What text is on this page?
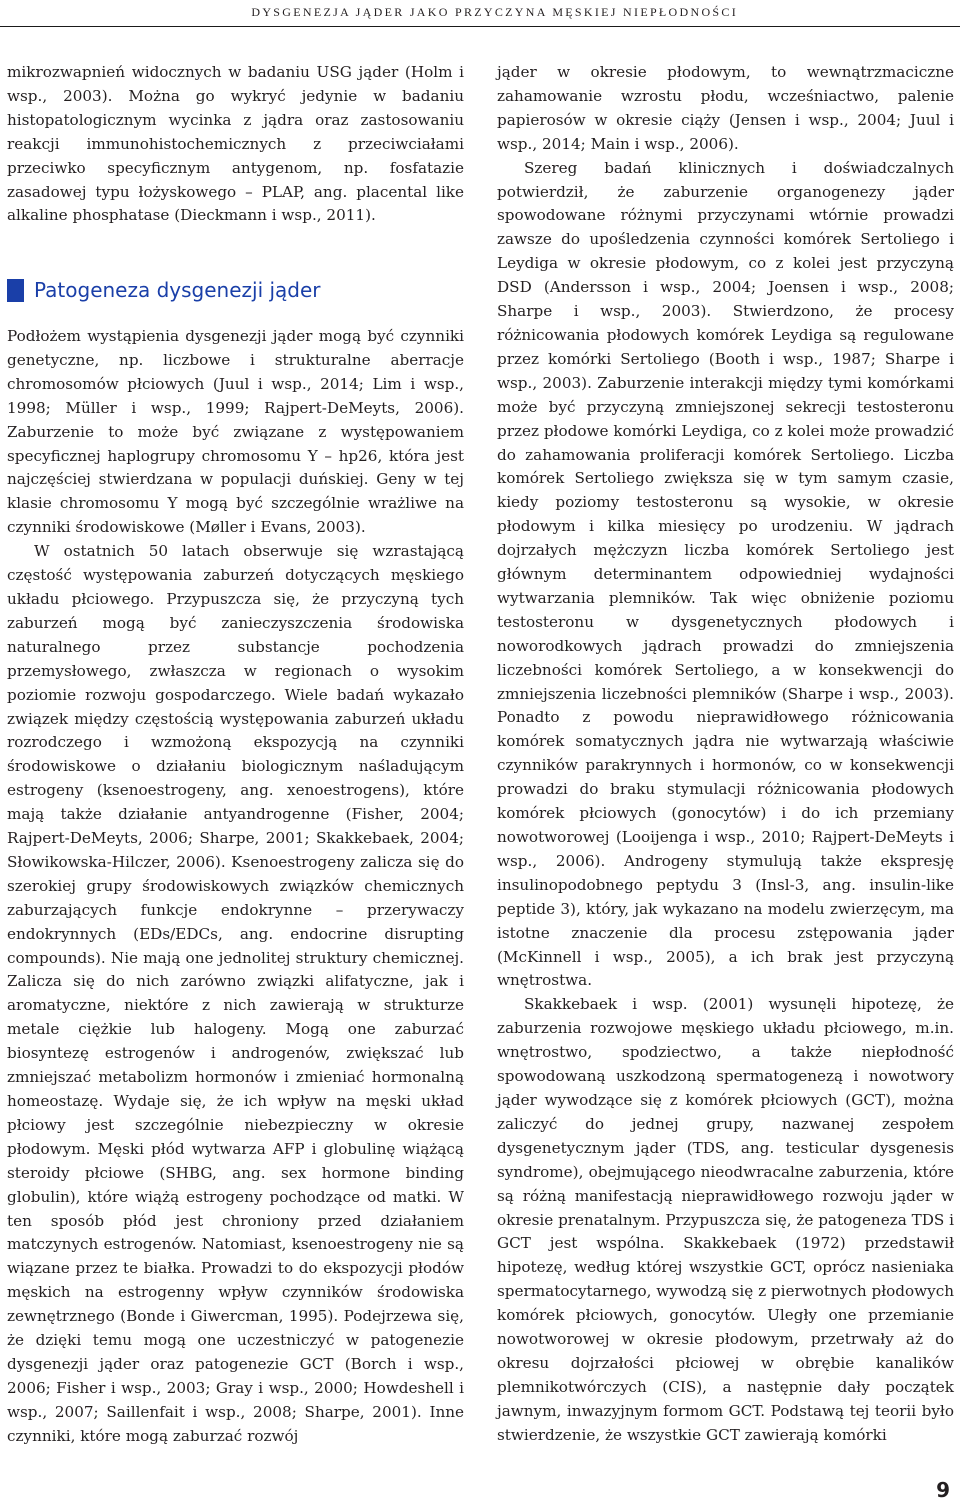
DYSGENEZJA JĄDER JAKO PRZYCZYNA MĘSKIEJ NIEPŁODNOŚCI

mikrozwapnień widocznych w badaniu USG jąder (Holm i wsp., 2003). Można go wykryć jedynie w badaniu histopatologicznym wycinka z jądra oraz zastosowaniu reakcji immunohistochemicznych z przeciwciałami przeciwko specyficznym antygenom, np. fosfatazie zasadowej typu łożyskowego – PLAP, ang. placental like alkaline phosphatase (Dieckmann i wsp., 2011).

Patogeneza dysgenezji jąder

Podłożem wystąpienia dysgenezji jąder mogą być czynniki genetyczne, np. liczbowe i strukturalne aberracje chromosomów płciowych (Juul i wsp., 2014; Lim i wsp., 1998; Müller i wsp., 1999; Rajpert-DeMeyts, 2006). Zaburzenie to może być związane z występowaniem specyficznej haplogrupy chromosomu Y – hp26, która jest najczęściej stwierdzana w populacji duńskiej. Geny w tej klasie chromosomu Y mogą być szczególnie wrażliwe na czynniki środowiskowe (Møller i Evans, 2003).

W ostatnich 50 latach obserwuje się wzrastającą częstość występowania zaburzeń dotyczących męskiego układu płciowego. Przypuszcza się, że przyczyną tych zaburzeń mogą być zanieczyszczenia środowiska naturalnego przez substancje pochodzenia przemysłowego, zwłaszcza w regionach o wysokim poziomie rozwoju gospodarczego. Wiele badań wykazało związek między częstością występowania zaburzeń układu rozrodczego i wzmożoną ekspozycją na czynniki środowiskowe o działaniu biologicznym naśladującym estrogeny (ksenoestrogeny, ang. xenoestrogens), które mają także działanie antyandrogenne (Fisher, 2004; Rajpert-DeMeyts, 2006; Sharpe, 2001; Skakkebaek, 2004; Słowikowska-Hilczer, 2006). Ksenoestrogeny zalicza się do szerokiej grupy środowiskowych związków chemicznych zaburzających funkcje endokrynne – przerywaczy endokrynnych (EDs/EDCs, ang. endocrine disrupting compounds). Nie mają one jednolitej struktury chemicznej. Zalicza się do nich zarówno związki alifatyczne, jak i aromatyczne, niektóre z nich zawierają w strukturze metale ciężkie lub halogeny. Mogą one zaburzać biosyntezę estrogenów i androgenów, zwiększać lub zmniejszać metabolizm hormonów i zmieniać hormonalną homeostazę. Wydaje się, że ich wpływ na męski układ płciowy jest szczególnie niebezpieczny w okresie płodowym. Męski płód wytwarza AFP i globulinę wiążącą steroidy płciowe (SHBG, ang. sex hormone binding globulin), które wiążą estrogeny pochodzące od matki. W ten sposób płód jest chroniony przed działaniem matczynych estrogenów. Natomiast, ksenoestrogeny nie są wiązane przez te białka. Prowadzi to do ekspozycji płodów męskich na estrogenny wpływ czynników środowiska zewnętrznego (Bonde i Giwercman, 1995). Podejrzewa się, że dzięki temu mogą one uczestniczyć w patogenezie dysgenezji jąder oraz patogenezie GCT (Borch i wsp., 2006; Fisher i wsp., 2003; Gray i wsp., 2000; Howdeshell i wsp., 2007; Saillenfait i wsp., 2008; Sharpe, 2001). Inne czynniki, które mogą zaburzać rozwój

jąder w okresie płodowym, to wewnątrzmaciczne zahamowanie wzrostu płodu, wcześniactwo, palenie papierosów w okresie ciąży (Jensen i wsp., 2004; Juul i wsp., 2014; Main i wsp., 2006).

Szereg badań klinicznych i doświadczalnych potwierdził, że zaburzenie organogenezy jąder spowodowane różnymi przyczynami wtórnie prowadzi zawsze do upośledzenia czynności komórek Sertoliego i Leydiga w okresie płodowym, co z kolei jest przyczyną DSD (Andersson i wsp., 2004; Joensen i wsp., 2008; Sharpe i wsp., 2003). Stwierdzono, że procesy różnicowania płodowych komórek Leydiga są regulowane przez komórki Sertoliego (Booth i wsp., 1987; Sharpe i wsp., 2003). Zaburzenie interakcji między tymi komórkami może być przyczyną zmniejszonej sekrecji testosteronu przez płodowe komórki Leydiga, co z kolei może prowadzić do zahamowania proliferacji komórek Sertoliego. Liczba komórek Sertoliego zwiększa się w tym samym czasie, kiedy poziomy testosteronu są wysokie, w okresie płodowym i kilka miesięcy po urodzeniu. W jądrach dojrzałych mężczyzn liczba komórek Sertoliego jest głównym determinantem odpowiedniej wydajności wytwarzania plemników. Tak więc obniżenie poziomu testosteronu w dysgenetycznych płodowych i noworodkowych jądrach prowadzi do zmniejszenia liczebności komórek Sertoliego, a w konsekwencji do zmniejszenia liczebności plemników (Sharpe i wsp., 2003). Ponadto z powodu nieprawidłowego różnicowania komórek somatycznych jądra nie wytwarzają właściwie czynników parakrynnych i hormonów, co w konsekwencji prowadzi do braku stymulacji różnicowania płodowych komórek płciowych (gonocytów) i do ich przemiany nowotworowej (Looijenga i wsp., 2010; Rajpert-DeMeyts i wsp., 2006). Androgeny stymulują także ekspresję insulinopodobnego peptydu 3 (Insl-3, ang. insulin-like peptide 3), który, jak wykazano na modelu zwierzęcym, ma istotne znaczenie dla procesu zstępowania jąder (McKinnell i wsp., 2005), a ich brak jest przyczyną wnętrostwa.

Skakkebaek i wsp. (2001) wysunęli hipotezę, że zaburzenia rozwojowe męskiego układu płciowego, m.in. wnętrostwo, spodziectwo, a także niepłodność spowodowaną uszkodzoną spermatogenezą i nowotwory jąder wywodzące się z komórek płciowych (GCT), można zaliczyć do jednej grupy, nazwanej zespołem dysgenetycznym jąder (TDS, ang. testicular dysgenesis syndrome), obejmującego nieodwracalne zaburzenia, które są różną manifestacją nieprawidłowego rozwoju jąder w okresie prenatalnym. Przypuszcza się, że patogeneza TDS i GCT jest wspólna. Skakkebaek (1972) przedstawił hipotezę, według której wszystkie GCT, oprócz nasieniaka spermatocytarnego, wywodzą się z pierwotnych płodowych komórek płciowych, gonocytów. Uległy one przemianie nowotworowej w okresie płodowym, przetrwały aż do okresu dojrzałości płciowej w obrębie kanalików plemnikotwórczych (CIS), a następnie dały początek jawnym, inwazyjnym formom GCT. Podstawą tej teorii było stwierdzenie, że wszystkie GCT zawierają komórki

9
